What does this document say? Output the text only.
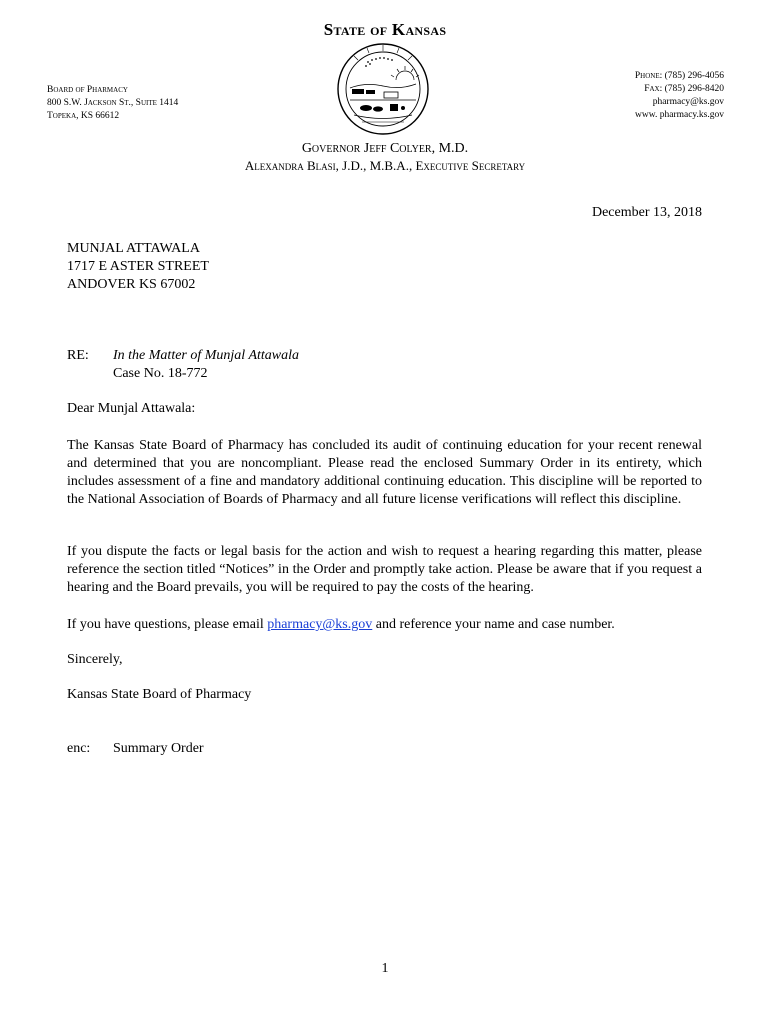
State of Kansas
Board of Pharmacy
800 S.W. Jackson St., Suite 1414
Topeka, KS 66612
Phone: (785) 296-4056
Fax: (785) 296-8420
pharmacy@ks.gov
www. pharmacy.ks.gov
Governor Jeff Colyer, M.D.
Alexandra Blasi, J.D., M.B.A., Executive Secretary
December 13, 2018
MUNJAL ATTAWALA
1717 E ASTER STREET
ANDOVER KS 67002
RE: In the Matter of Munjal Attawala
Case No. 18-772
Dear Munjal Attawala:
The Kansas State Board of Pharmacy has concluded its audit of continuing education for your recent renewal and determined that you are noncompliant. Please read the enclosed Summary Order in its entirety, which includes assessment of a fine and mandatory additional continuing education. This discipline will be reported to the National Association of Boards of Pharmacy and all future license verifications will reflect this discipline.
If you dispute the facts or legal basis for the action and wish to request a hearing regarding this matter, please reference the section titled “Notices” in the Order and promptly take action. Please be aware that if you request a hearing and the Board prevails, you will be required to pay the costs of the hearing.
If you have questions, please email pharmacy@ks.gov and reference your name and case number.
Sincerely,
Kansas State Board of Pharmacy
enc: Summary Order
1
